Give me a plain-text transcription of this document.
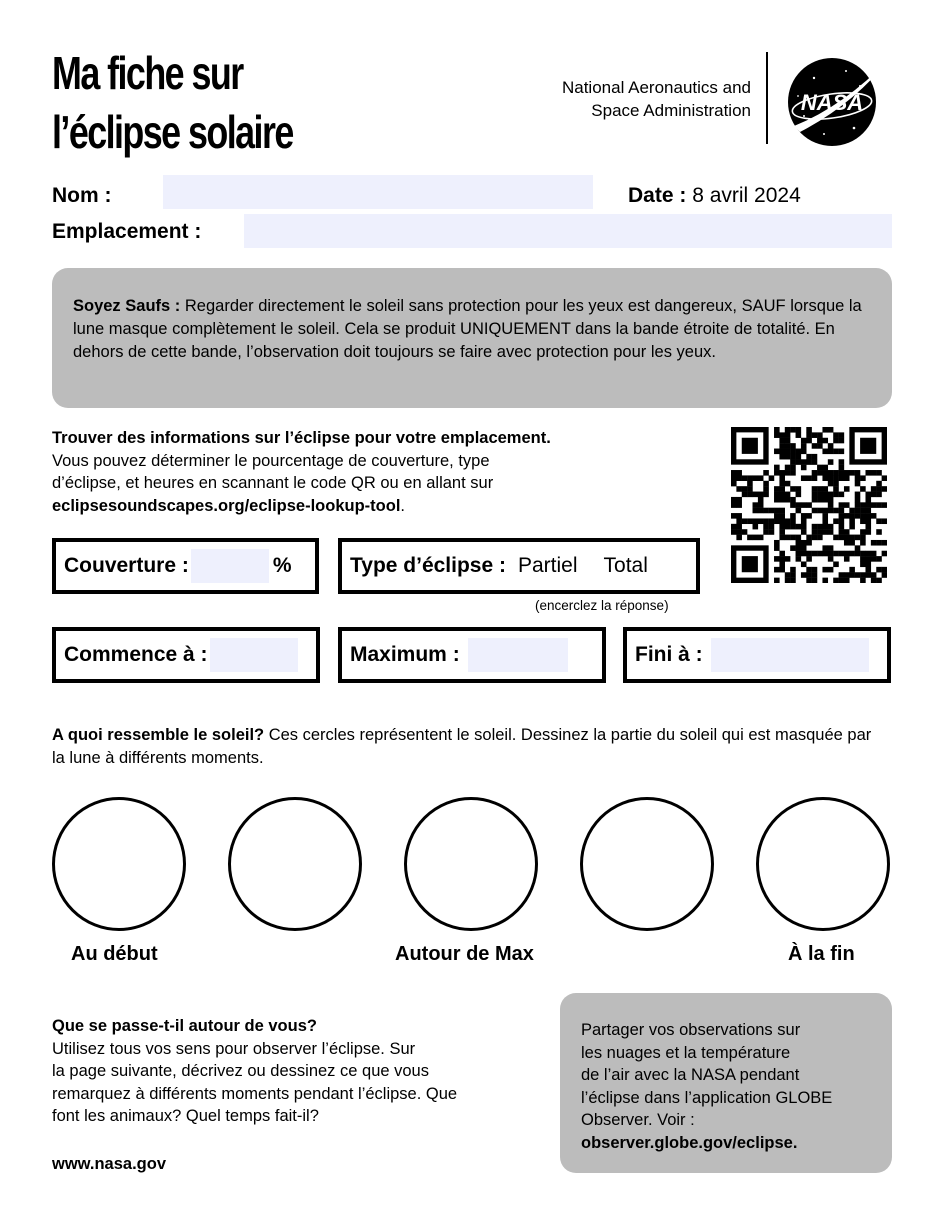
Ma fiche sur
l’éclipse solaire
National Aeronautics and
Space Administration NASA
Nom :	Date : 8 avril 2024
Emplacement :
Soyez Saufs : Regarder directement le soleil sans protection pour les yeux est dangereux, SAUF lorsque la lune masque complètement le soleil. Cela se produit UNIQUEMENT dans la bande étroite de totalité. En dehors de cette bande, l’observation doit toujours se faire avec protection pour les yeux.
Trouver des informations sur l’éclipse pour votre emplacement.
Vous pouvez déterminer le pourcentage de couverture, type d’éclipse, et heures en scannant le code QR ou en allant sur
eclipsesoundscapes.org/eclipse-lookup-tool.
Couverture :	%	Type d’éclipse : Partiel Total
(encerclez la réponse)
Commence à :	Maximum :	Fini à :
A quoi ressemble le soleil? Ces cercles représentent le soleil. Dessinez la partie du soleil qui est masquée par la lune à différents moments.
Au début	Autour de Max	À la fin
Que se passe-t-il autour de vous?
Utilisez tous vos sens pour observer l’éclipse. Sur
la page suivante, décrivez ou dessinez ce que vous
remarquez à différents moments pendant l’éclipse. Que
font les animaux? Quel temps fait-il?
Partager vos observations sur
les nuages et la température
de l’air avec la NASA pendant
l’éclipse dans l’application GLOBE
Observer. Voir :
observer.globe.gov/eclipse.
www.nasa.gov
